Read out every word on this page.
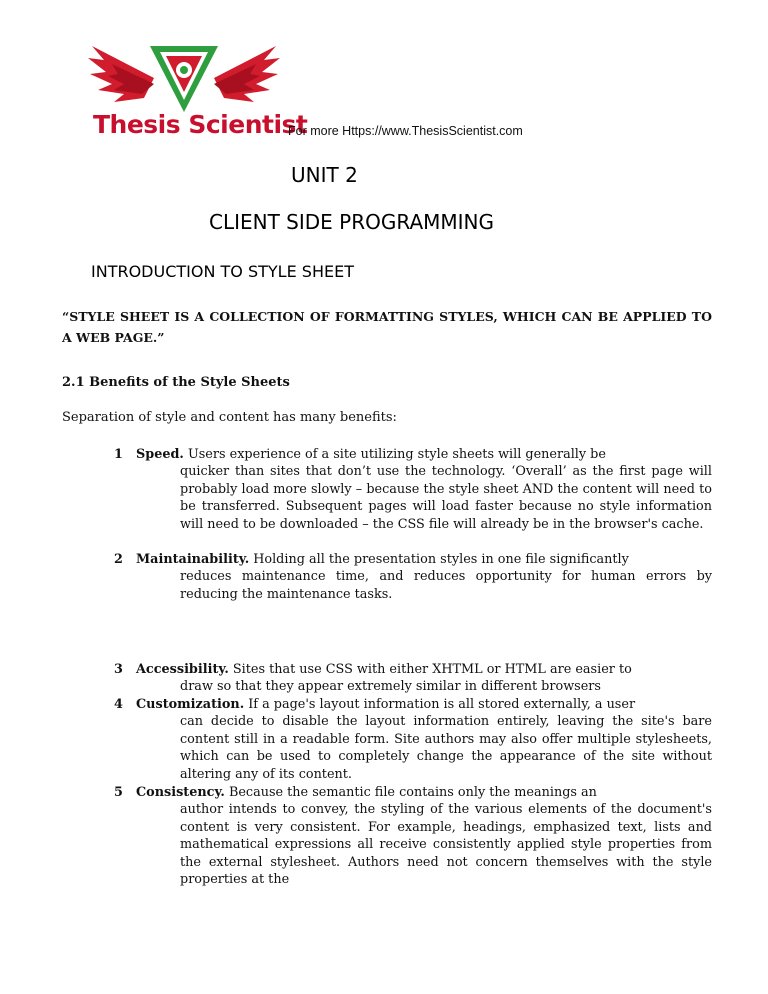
Thesis Scientist
For more Https://www.ThesisScientist.com
UNIT 2
CLIENT SIDE PROGRAMMING
INTRODUCTION TO STYLE SHEET
“STYLE SHEET IS A COLLECTION OF FORMATTING STYLES, WHICH CAN BE APPLIED TO A WEB PAGE.”
2.1 Benefits of the Style Sheets
Separation of style and content has many benefits:
1	Speed. Users experience of a site utilizing style sheets will generally be
quicker than sites that don’t use the technology. ‘Overall’ as the first page will probably load more slowly – because the style sheet AND the content will need to be transferred. Subsequent pages will load faster because no style information will need to be downloaded – the CSS file will already be in the browser's cache.
2	Maintainability. Holding all the presentation styles in one file significantly
reduces maintenance time, and reduces opportunity for human errors by reducing the maintenance tasks.
3	Accessibility. Sites that use CSS with either XHTML or HTML are easier to
draw so that they appear extremely similar in different browsers
4	Customization. If a page's layout information is all stored externally, a user
can decide to disable the layout information entirely, leaving the site's bare content still in a readable form. Site authors may also offer multiple stylesheets, which can be used to completely change the appearance of the site without altering any of its content.
5	Consistency. Because the semantic file contains only the meanings an
author intends to convey, the styling of the various elements of the document's content is very consistent. For example, headings, emphasized text, lists and mathematical expressions all receive consistently applied style properties from the external stylesheet. Authors need not concern themselves with the style properties at the
